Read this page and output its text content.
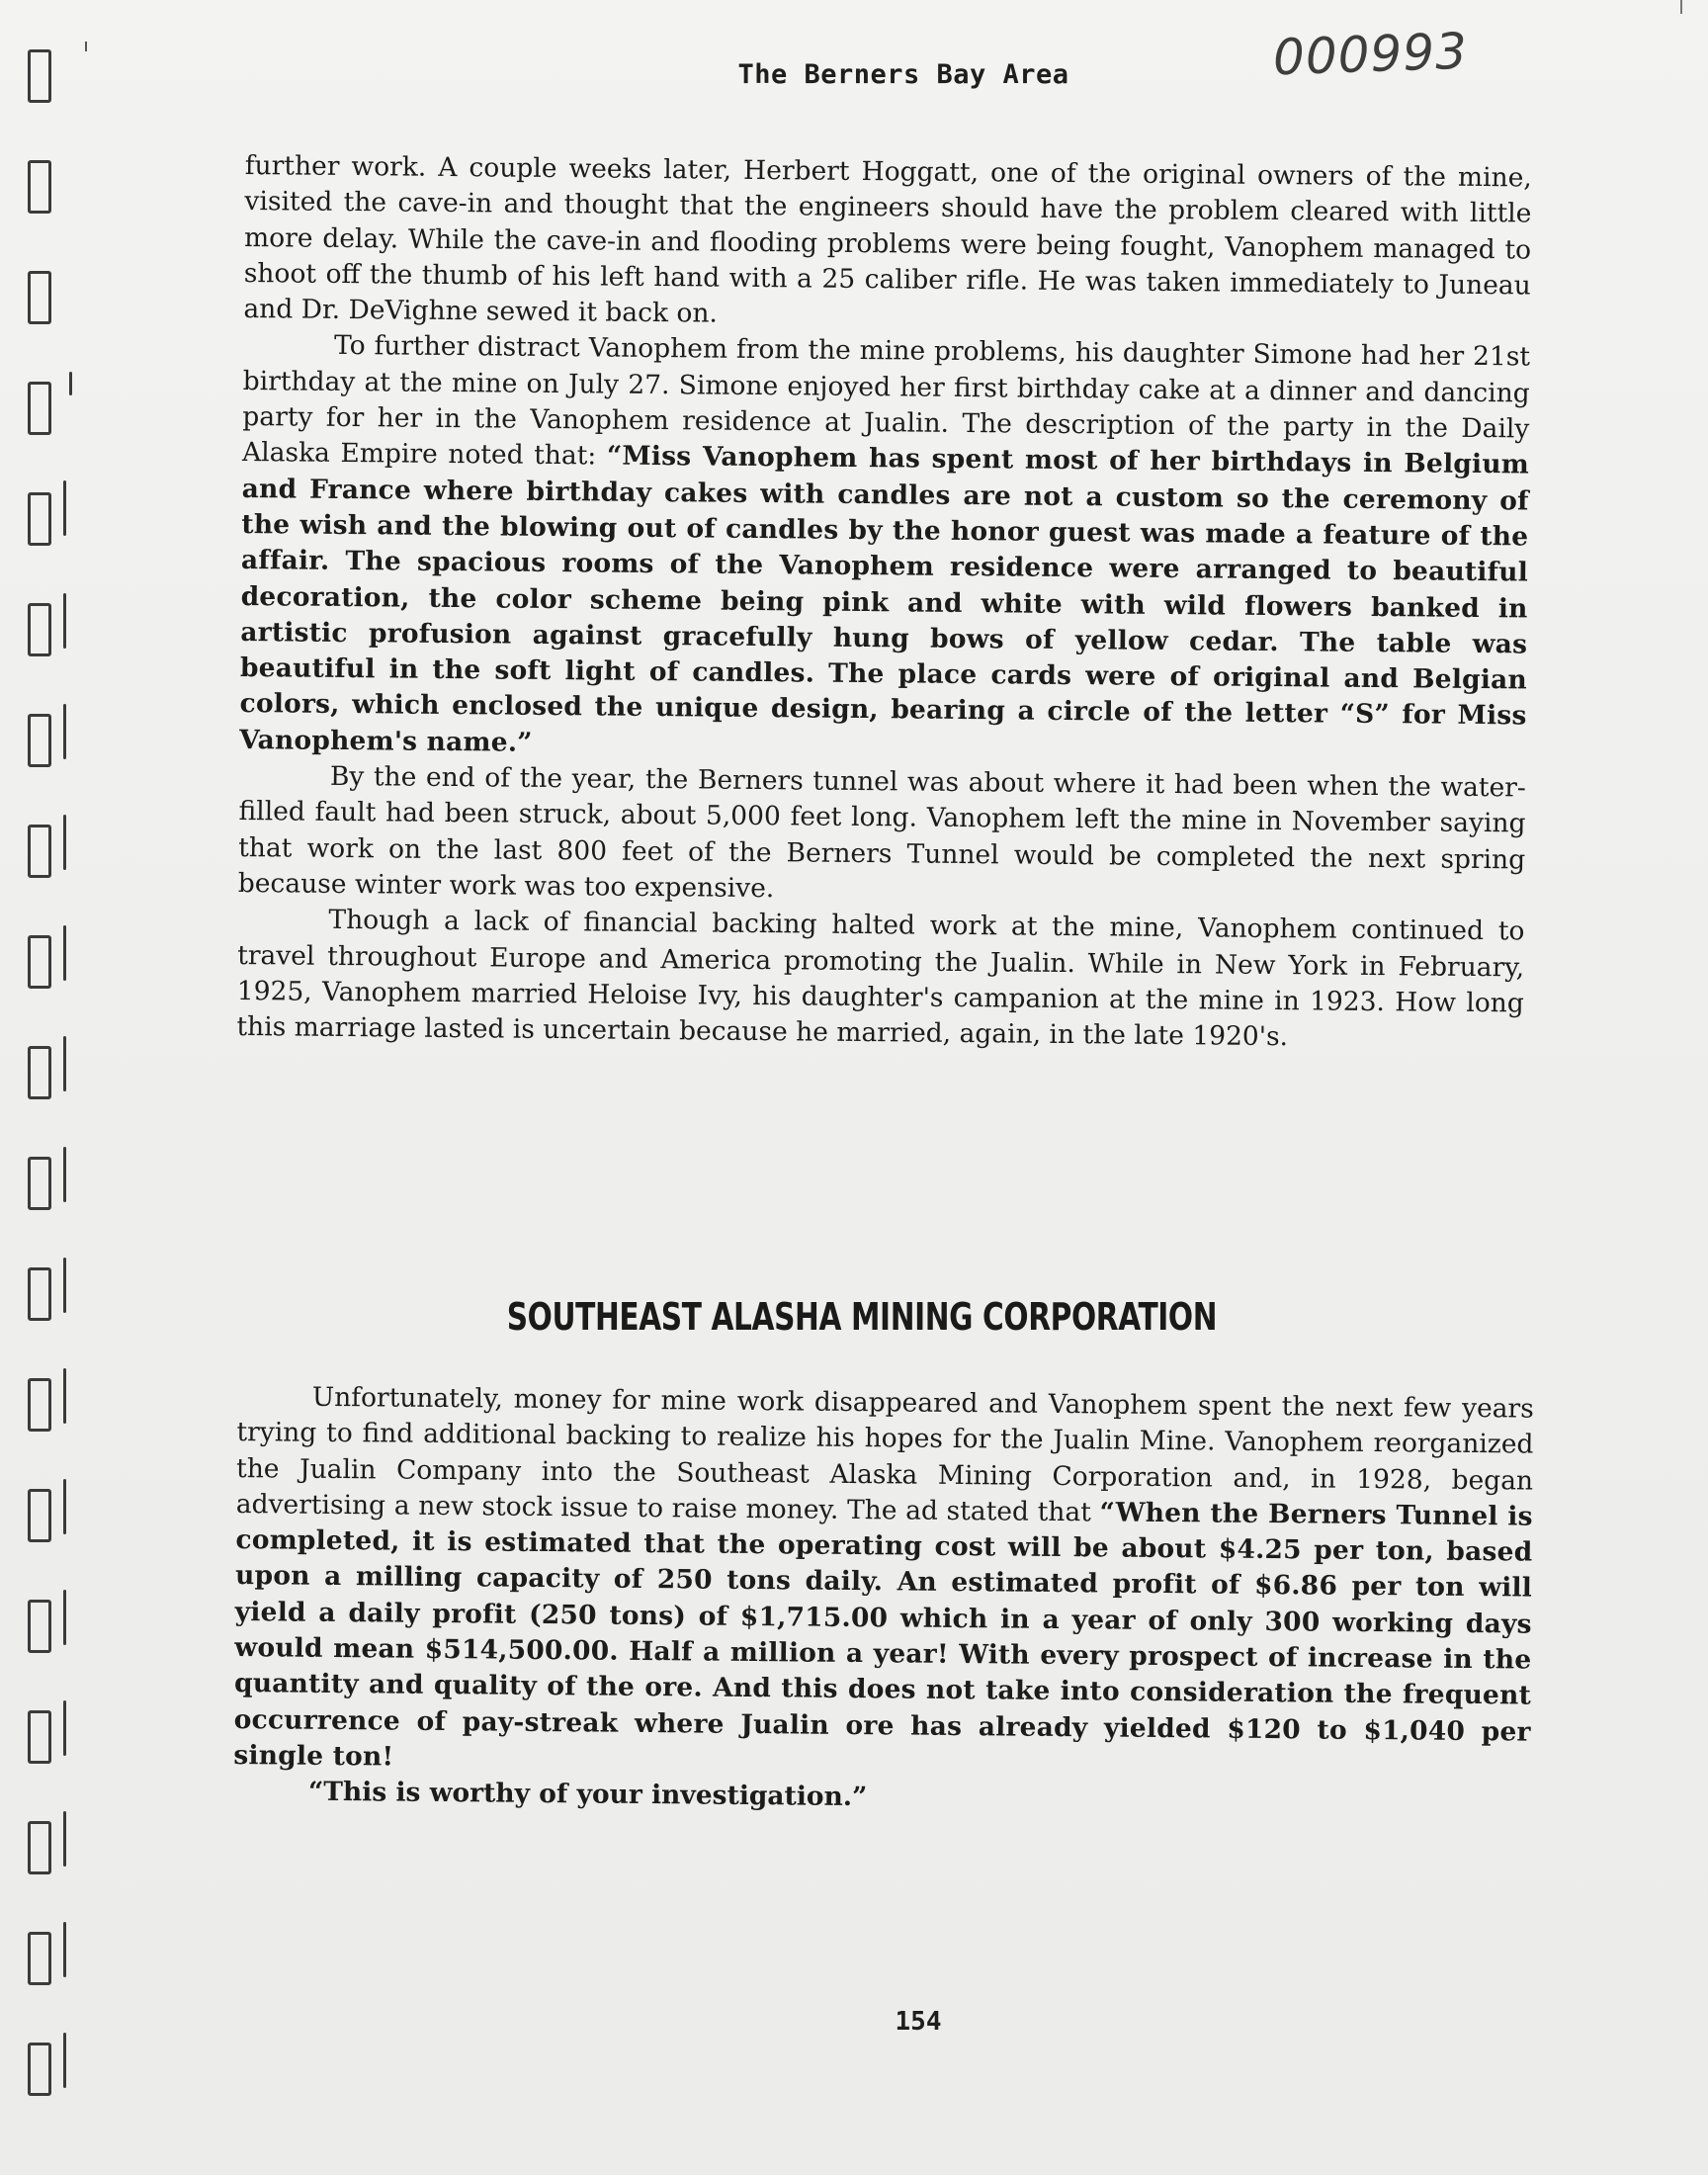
000993
The Berners Bay Area

further work. A couple weeks later, Herbert Hoggatt, one of the original owners of the mine, visited the cave-in and thought that the engineers should have the problem cleared with little more delay. While the cave-in and flooding problems were being fought, Vanophem managed to shoot off the thumb of his left hand with a 25 caliber rifle. He was taken immediately to Juneau and Dr. DeVighne sewed it back on.

To further distract Vanophem from the mine problems, his daughter Simone had her 21st birthday at the mine on July 27. Simone enjoyed her first birthday cake at a dinner and dancing party for her in the Vanophem residence at Jualin. The description of the party in the Daily Alaska Empire noted that: “Miss Vanophem has spent most of her birthdays in Belgium and France where birthday cakes with candles are not a custom so the ceremony of the wish and the blowing out of candles by the honor guest was made a feature of the affair. The spacious rooms of the Vanophem residence were arranged to beautiful decoration, the color scheme being pink and white with wild flowers banked in artistic profusion against gracefully hung bows of yellow cedar. The table was beautiful in the soft light of candles. The place cards were of original and Belgian colors, which enclosed the unique design, bearing a circle of the letter “S” for Miss Vanophem's name.”

By the end of the year, the Berners tunnel was about where it had been when the water-filled fault had been struck, about 5,000 feet long. Vanophem left the mine in November saying that work on the last 800 feet of the Berners Tunnel would be completed the next spring because winter work was too expensive.

Though a lack of financial backing halted work at the mine, Vanophem continued to travel throughout Europe and America promoting the Jualin. While in New York in February, 1925, Vanophem married Heloise Ivy, his daughter's campanion at the mine in 1923. How long this marriage lasted is uncertain because he married, again, in the late 1920's.

SOUTHEAST ALASHA MINING CORPORATION

Unfortunately, money for mine work disappeared and Vanophem spent the next few years trying to find additional backing to realize his hopes for the Jualin Mine. Vanophem reorganized the Jualin Company into the Southeast Alaska Mining Corporation and, in 1928, began advertising a new stock issue to raise money. The ad stated that “When the Berners Tunnel is completed, it is estimated that the operating cost will be about $4.25 per ton, based upon a milling capacity of 250 tons daily. An estimated profit of $6.86 per ton will yield a daily profit (250 tons) of $1,715.00 which in a year of only 300 working days would mean $514,500.00. Half a million a year! With every prospect of increase in the quantity and quality of the ore. And this does not take into consideration the frequent occurrence of pay-streak where Jualin ore has already yielded $120 to $1,040 per single ton!

“This is worthy of your investigation.”

154
